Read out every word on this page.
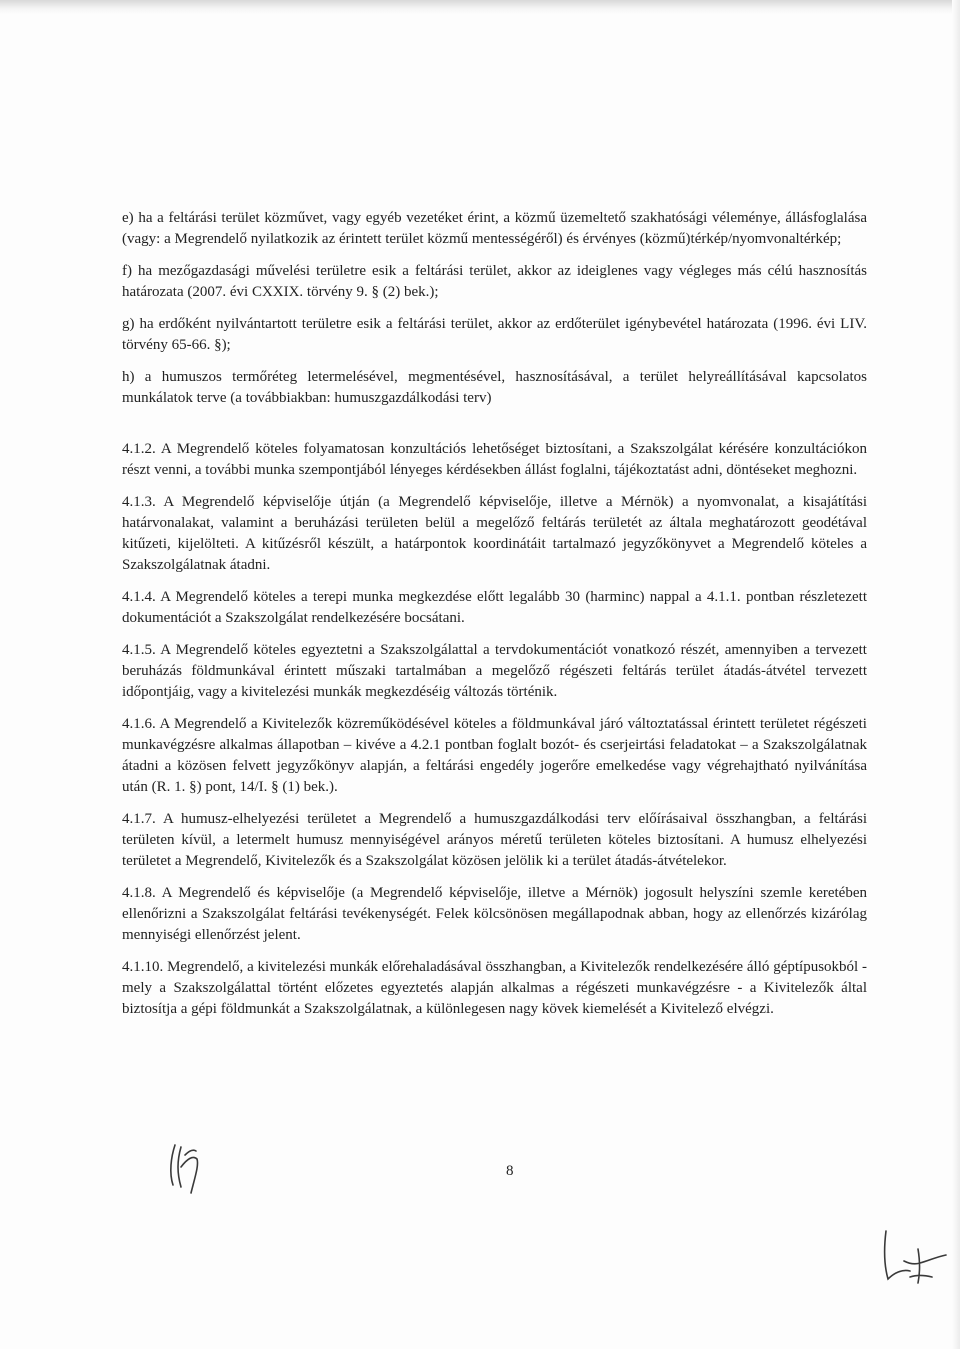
e) ha a feltárási terület közművet, vagy egyéb vezetéket érint, a közmű üzemeltető szakhatósági véleménye, állásfoglalása (vagy: a Megrendelő nyilatkozik az érintett terület közmű mentességéről) és érvényes (közmű)térkép/nyomvonaltérkép;

f) ha mezőgazdasági művelési területre esik a feltárási terület, akkor az ideiglenes vagy végleges más célú hasznosítás határozata (2007. évi CXXIX. törvény 9. § (2) bek.);

g) ha erdőként nyilvántartott területre esik a feltárási terület, akkor az erdőterület igénybevétel határozata (1996. évi LIV. törvény 65-66. §);

h) a humuszos termőréteg letermelésével, megmentésével, hasznosításával, a terület helyreállításával kapcsolatos munkálatok terve (a továbbiakban: humuszgazdálkodási terv)

4.1.2. A Megrendelő köteles folyamatosan konzultációs lehetőséget biztosítani, a Szakszolgálat kérésére konzultációkon részt venni, a további munka szempontjából lényeges kérdésekben állást foglalni, tájékoztatást adni, döntéseket meghozni.

4.1.3. A Megrendelő képviselője útján (a Megrendelő képviselője, illetve a Mérnök) a nyomvonalat, a kisajátítási határvonalakat, valamint a beruházási területen belül a megelőző feltárás területét az általa meghatározott geodétával kitűzeti, kijelölteti. A kitűzésről készült, a határpontok koordinátáit tartalmazó jegyzőkönyvet a Megrendelő köteles a Szakszolgálatnak átadni.

4.1.4. A Megrendelő köteles a terepi munka megkezdése előtt legalább 30 (harminc) nappal a 4.1.1. pontban részletezett dokumentációt a Szakszolgálat rendelkezésére bocsátani.

4.1.5. A Megrendelő köteles egyeztetni a Szakszolgálattal a tervdokumentációt vonatkozó részét, amennyiben a tervezett beruházás földmunkával érintett műszaki tartalmában a megelőző régészeti feltárás terület átadás-átvétel tervezett időpontjáig, vagy a kivitelezési munkák megkezdéséig változás történik.

4.1.6. A Megrendelő a Kivitelezők közreműködésével köteles a földmunkával járó változtatással érintett területet régészeti munkavégzésre alkalmas állapotban – kivéve a 4.2.1 pontban foglalt bozót- és cserjeirtási feladatokat – a Szakszolgálatnak átadni a közösen felvett jegyzőkönyv alapján, a feltárási engedély jogerőre emelkedése vagy végrehajtható nyilvánítása után (R. 1. §) pont, 14/I. § (1) bek.).

4.1.7. A humusz-elhelyezési területet a Megrendelő a humuszgazdálkodási terv előírásaival összhangban, a feltárási területen kívül, a letermelt humusz mennyiségével arányos méretű területen köteles biztosítani. A humusz elhelyezési területet a Megrendelő, Kivitelezők és a Szakszolgálat közösen jelölik ki a terület átadás-átvételekor.

4.1.8. A Megrendelő és képviselője (a Megrendelő képviselője, illetve a Mérnök) jogosult helyszíni szemle keretében ellenőrizni a Szakszolgálat feltárási tevékenységét. Felek kölcsönösen megállapodnak abban, hogy az ellenőrzés kizárólag mennyiségi ellenőrzést jelent.

4.1.10. Megrendelő, a kivitelezési munkák előrehaladásával összhangban, a Kivitelezők rendelkezésére álló géptípusokból - mely a Szakszolgálattal történt előzetes egyeztetés alapján alkalmas a régészeti munkavégzésre - a Kivitelezők által biztosítja a gépi földmunkát a Szakszolgálatnak, a különlegesen nagy kövek kiemelését a Kivitelező elvégzi.

8
